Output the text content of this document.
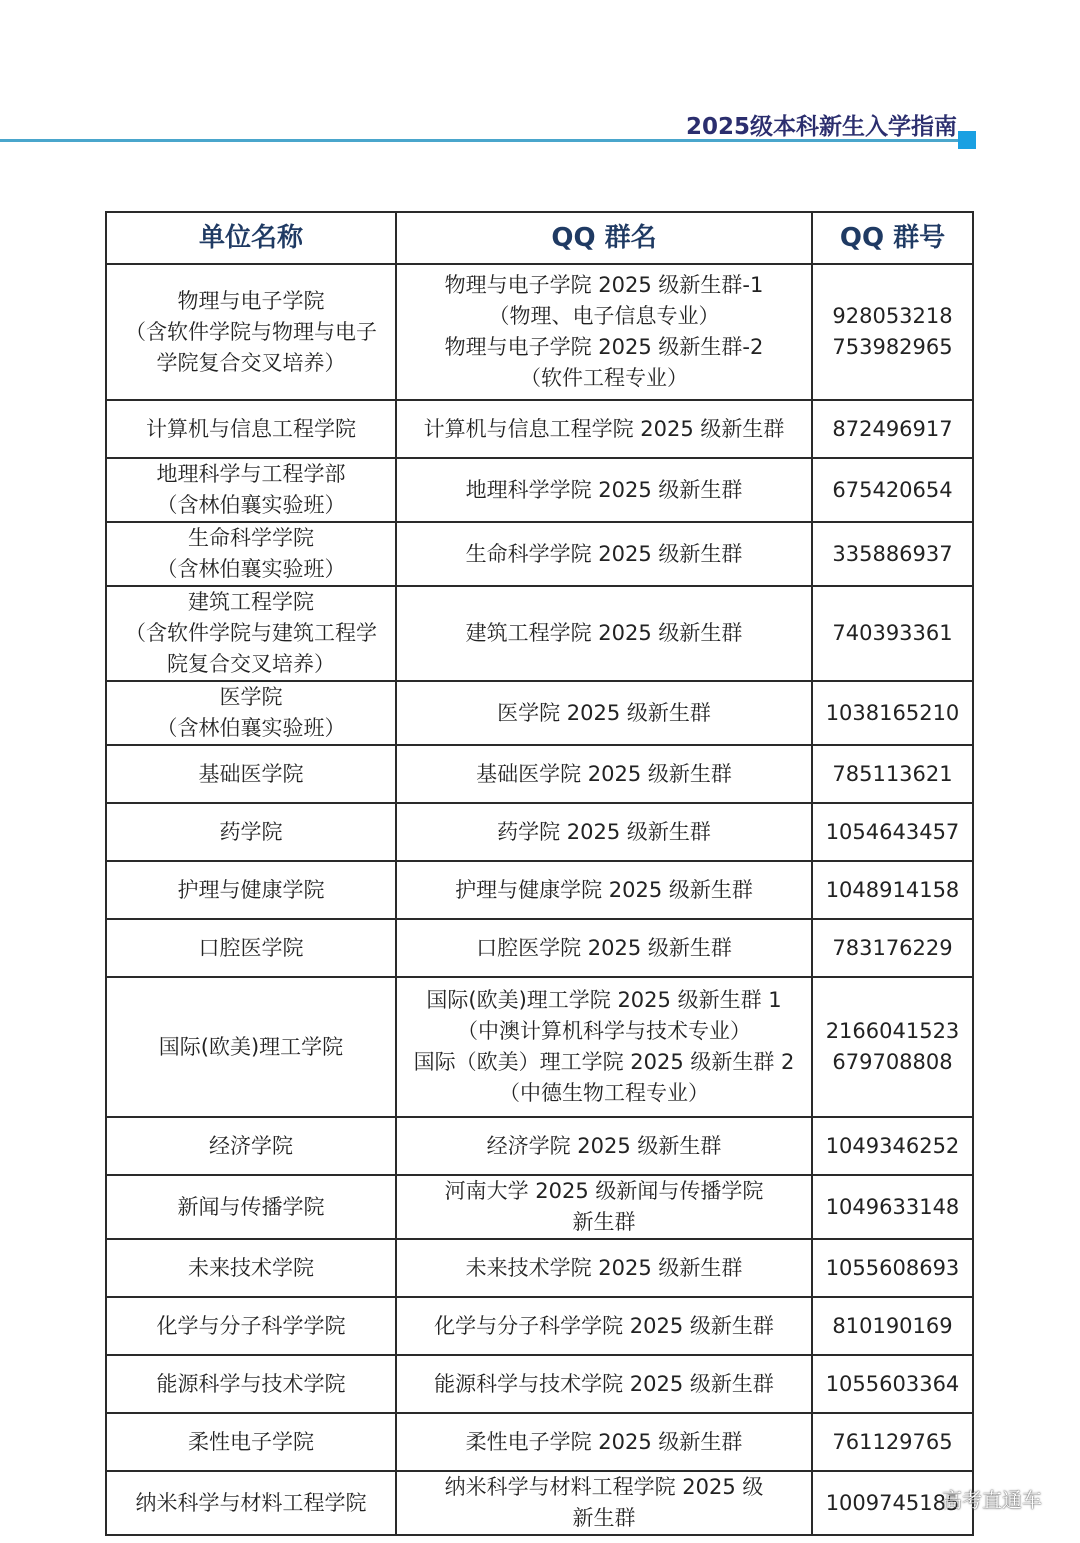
2025级本科新生入学指南
单位名称	QQ 群名	QQ 群号

物理与电子学院
（含软件学院与物理与电子
学院复合交叉培养）	物理与电子学院 2025 级新生群-1
（物理、电子信息专业）
物理与电子学院 2025 级新生群-2
（软件工程专业）	928053218
753982965

计算机与信息工程学院	计算机与信息工程学院 2025 级新生群	872496917

地理科学与工程学部
（含林伯襄实验班）	地理科学学院 2025 级新生群	675420654

生命科学学院
（含林伯襄实验班）	生命科学学院 2025 级新生群	335886937

建筑工程学院
（含软件学院与建筑工程学
院复合交叉培养）	建筑工程学院 2025 级新生群	740393361

医学院
（含林伯襄实验班）	医学院 2025 级新生群	1038165210

基础医学院	基础医学院 2025 级新生群	785113621

药学院	药学院 2025 级新生群	1054643457

护理与健康学院	护理与健康学院 2025 级新生群	1048914158

口腔医学院	口腔医学院 2025 级新生群	783176229

国际(欧美)理工学院	国际(欧美)理工学院 2025 级新生群 1
（中澳计算机科学与技术专业）
国际（欧美）理工学院 2025 级新生群 2
（中德生物工程专业）	2166041523
679708808

经济学院	经济学院 2025 级新生群	1049346252

新闻与传播学院	河南大学 2025 级新闻与传播学院
新生群	1049633148

未来技术学院	未来技术学院 2025 级新生群	1055608693

化学与分子科学学院	化学与分子科学学院 2025 级新生群	810190169

能源科学与技术学院	能源科学与技术学院 2025 级新生群	1055603364

柔性电子学院	柔性电子学院 2025 级新生群	761129765

纳米科学与材料工程学院	纳米科学与材料工程学院 2025 级
新生群	1009745185
高考直通车
